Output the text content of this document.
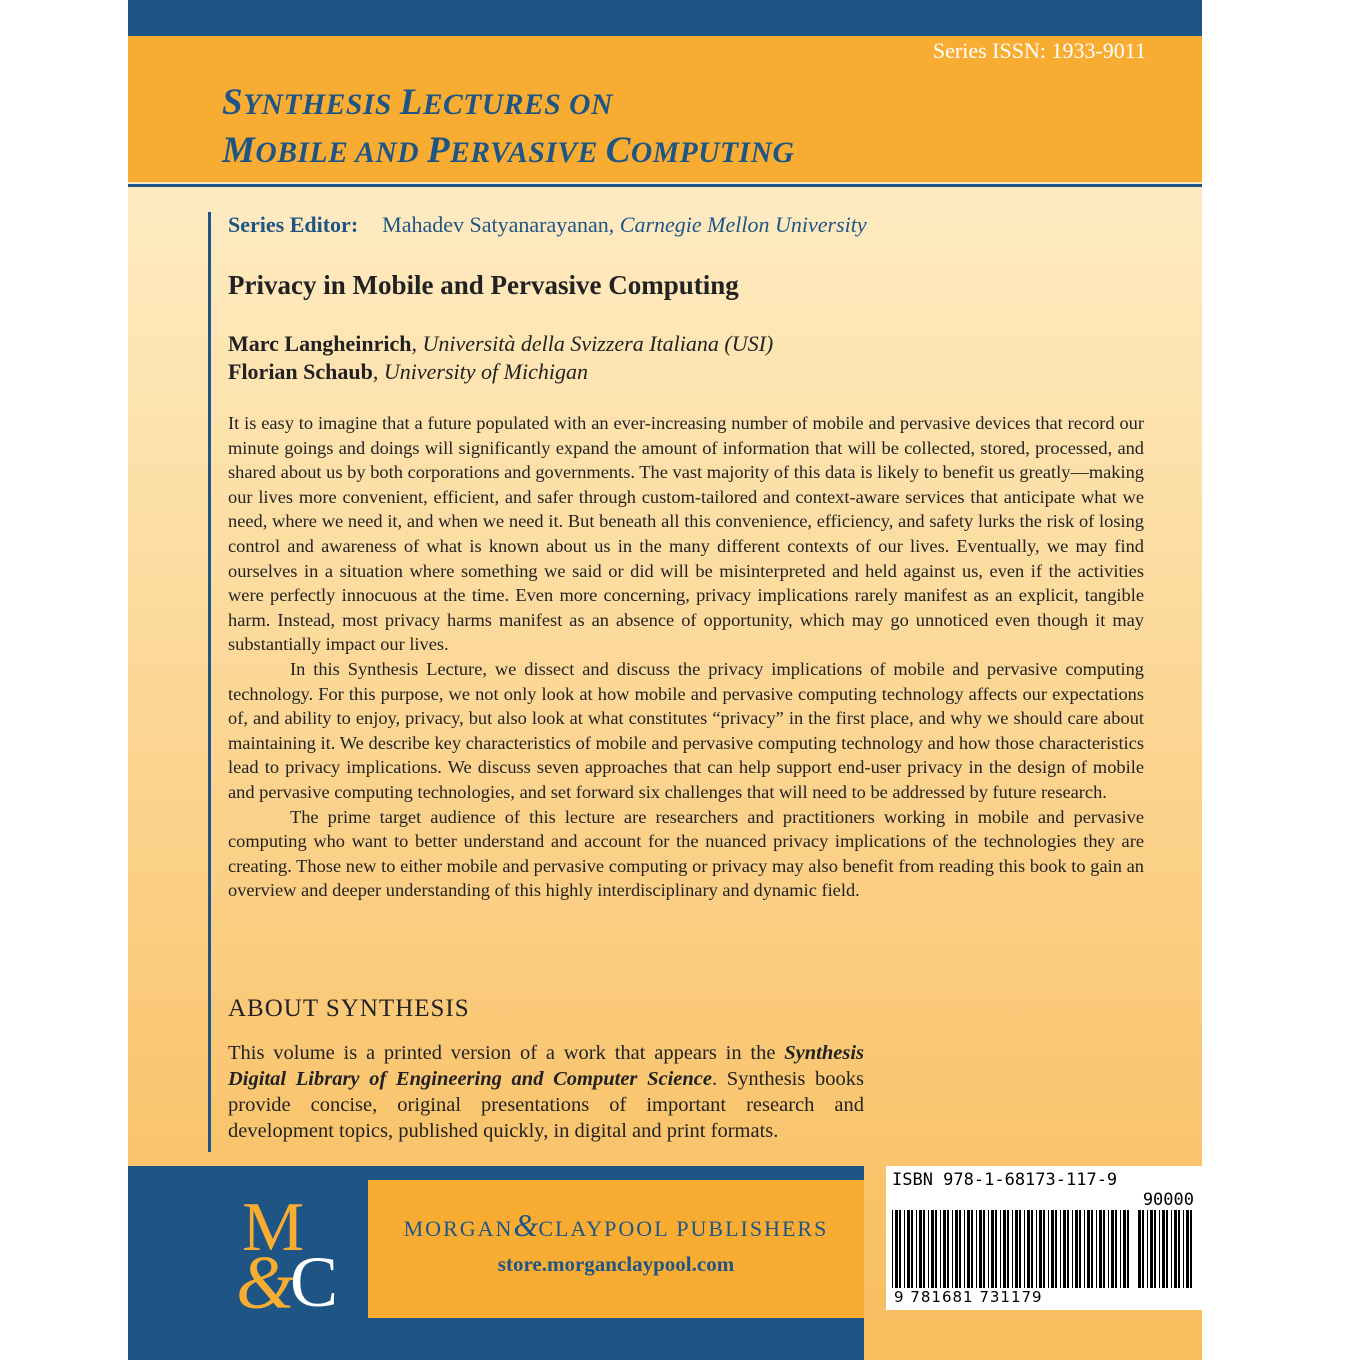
Series ISSN: 1933-9011
SYNTHESIS LECTURES ON
MOBILE AND PERVASIVE COMPUTING
Series Editor: Mahadev Satyanarayanan, Carnegie Mellon University
Privacy in Mobile and Pervasive Computing
Marc Langheinrich, Università della Svizzera Italiana (USI)
Florian Schaub, University of Michigan

It is easy to imagine that a future populated with an ever-increasing number of mobile and pervasive devices that record our minute goings and doings will significantly expand the amount of information that will be collected, stored, processed, and shared about us by both corporations and governments. The vast majority of this data is likely to benefit us greatly—making our lives more convenient, efficient, and safer through custom-tailored and context-aware services that anticipate what we need, where we need it, and when we need it. But beneath all this convenience, efficiency, and safety lurks the risk of losing control and awareness of what is known about us in the many different contexts of our lives. Eventually, we may find ourselves in a situation where something we said or did will be misinterpreted and held against us, even if the activities were perfectly innocuous at the time. Even more concerning, privacy implications rarely manifest as an explicit, tangible harm. Instead, most privacy harms manifest as an absence of opportunity, which may go unnoticed even though it may substantially impact our lives.

In this Synthesis Lecture, we dissect and discuss the privacy implications of mobile and pervasive computing technology. For this purpose, we not only look at how mobile and pervasive computing technology affects our expectations of, and ability to enjoy, privacy, but also look at what constitutes “privacy” in the first place, and why we should care about maintaining it. We describe key characteristics of mobile and pervasive computing technology and how those characteristics lead to privacy implications. We discuss seven approaches that can help support end-user privacy in the design of mobile and pervasive computing technologies, and set forward six challenges that will need to be addressed by future research.

The prime target audience of this lecture are researchers and practitioners working in mobile and pervasive computing who want to better understand and account for the nuanced privacy implications of the technologies they are creating. Those new to either mobile and pervasive computing or privacy may also benefit from reading this book to gain an overview and deeper understanding of this highly interdisciplinary and dynamic field.

ABOUT SYNTHESIS
This volume is a printed version of a work that appears in the Synthesis Digital Library of Engineering and Computer Science. Synthesis books provide concise, original presentations of important research and development topics, published quickly, in digital and print formats.
M
&
C
MORGAN&CLAYPOOL PUBLISHERS
store.morganclaypool.com
ISBN 978-1-68173-117-9
90000
9 781681 731179
